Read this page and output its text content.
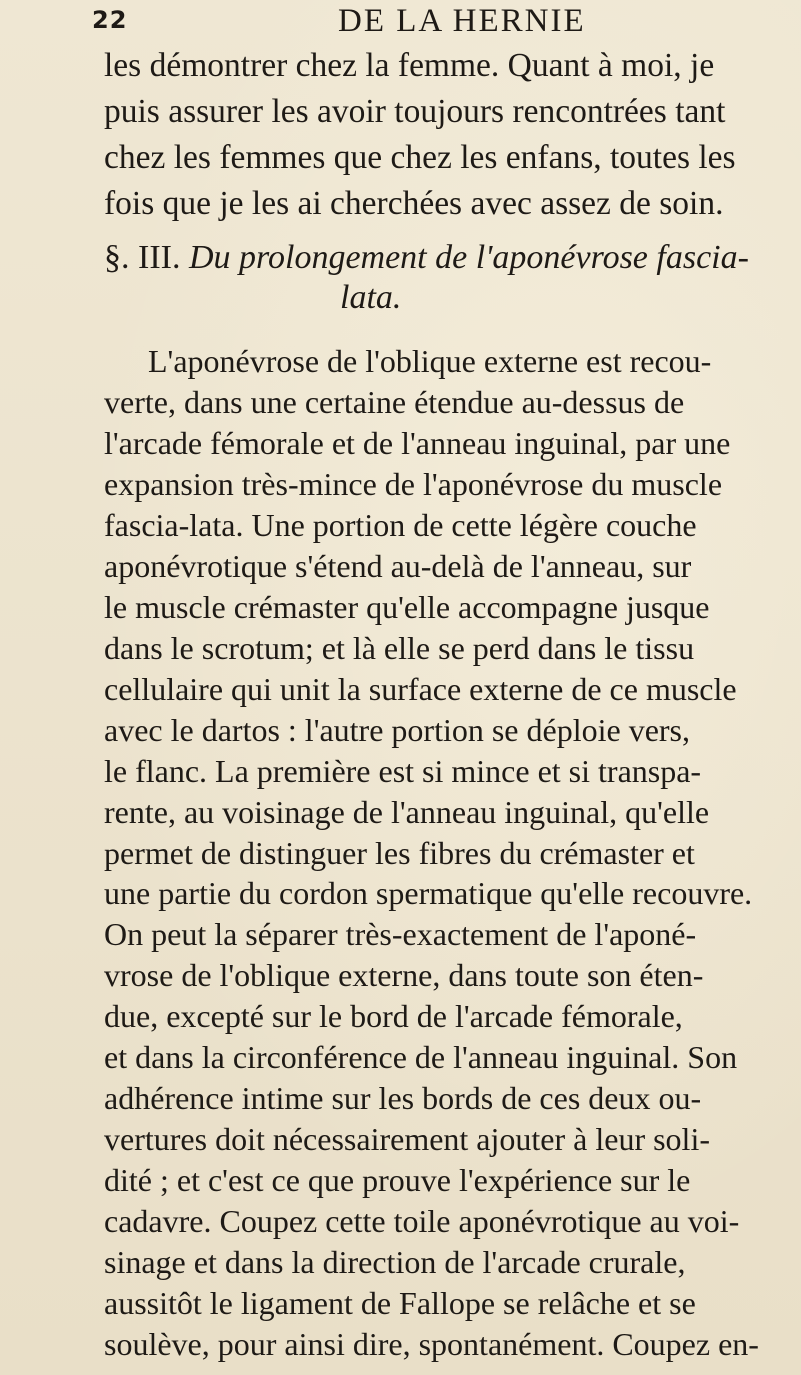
22	DE LA HERNIE
les démontrer chez la femme. Quant à moi, je
puis assurer les avoir toujours rencontrées tant
chez les femmes que chez les enfans, toutes les
fois que je les ai cherchées avec assez de soin.
§. III. Du prolongement de l'aponévrose fascia-
lata.
L'aponévrose de l'oblique externe est recou-
verte, dans une certaine étendue au-dessus de
l'arcade fémorale et de l'anneau inguinal, par une
expansion très-mince de l'aponévrose du muscle
fascia-lata. Une portion de cette légère couche
aponévrotique s'étend au-delà de l'anneau, sur
le muscle crémaster qu'elle accompagne jusque
dans le scrotum; et là elle se perd dans le tissu
cellulaire qui unit la surface externe de ce muscle
avec le dartos : l'autre portion se déploie vers,
le flanc. La première est si mince et si transpa-
rente, au voisinage de l'anneau inguinal, qu'elle
permet de distinguer les fibres du crémaster et
une partie du cordon spermatique qu'elle recouvre.
On peut la séparer très-exactement de l'aponé-
vrose de l'oblique externe, dans toute son éten-
due, excepté sur le bord de l'arcade fémorale,
et dans la circonférence de l'anneau inguinal. Son
adhérence intime sur les bords de ces deux ou-
vertures doit nécessairement ajouter à leur soli-
dité ; et c'est ce que prouve l'expérience sur le
cadavre. Coupez cette toile aponévrotique au voi-
sinage et dans la direction de l'arcade crurale,
aussitôt le ligament de Fallope se relâche et se
soulève, pour ainsi dire, spontanément. Coupez en-
